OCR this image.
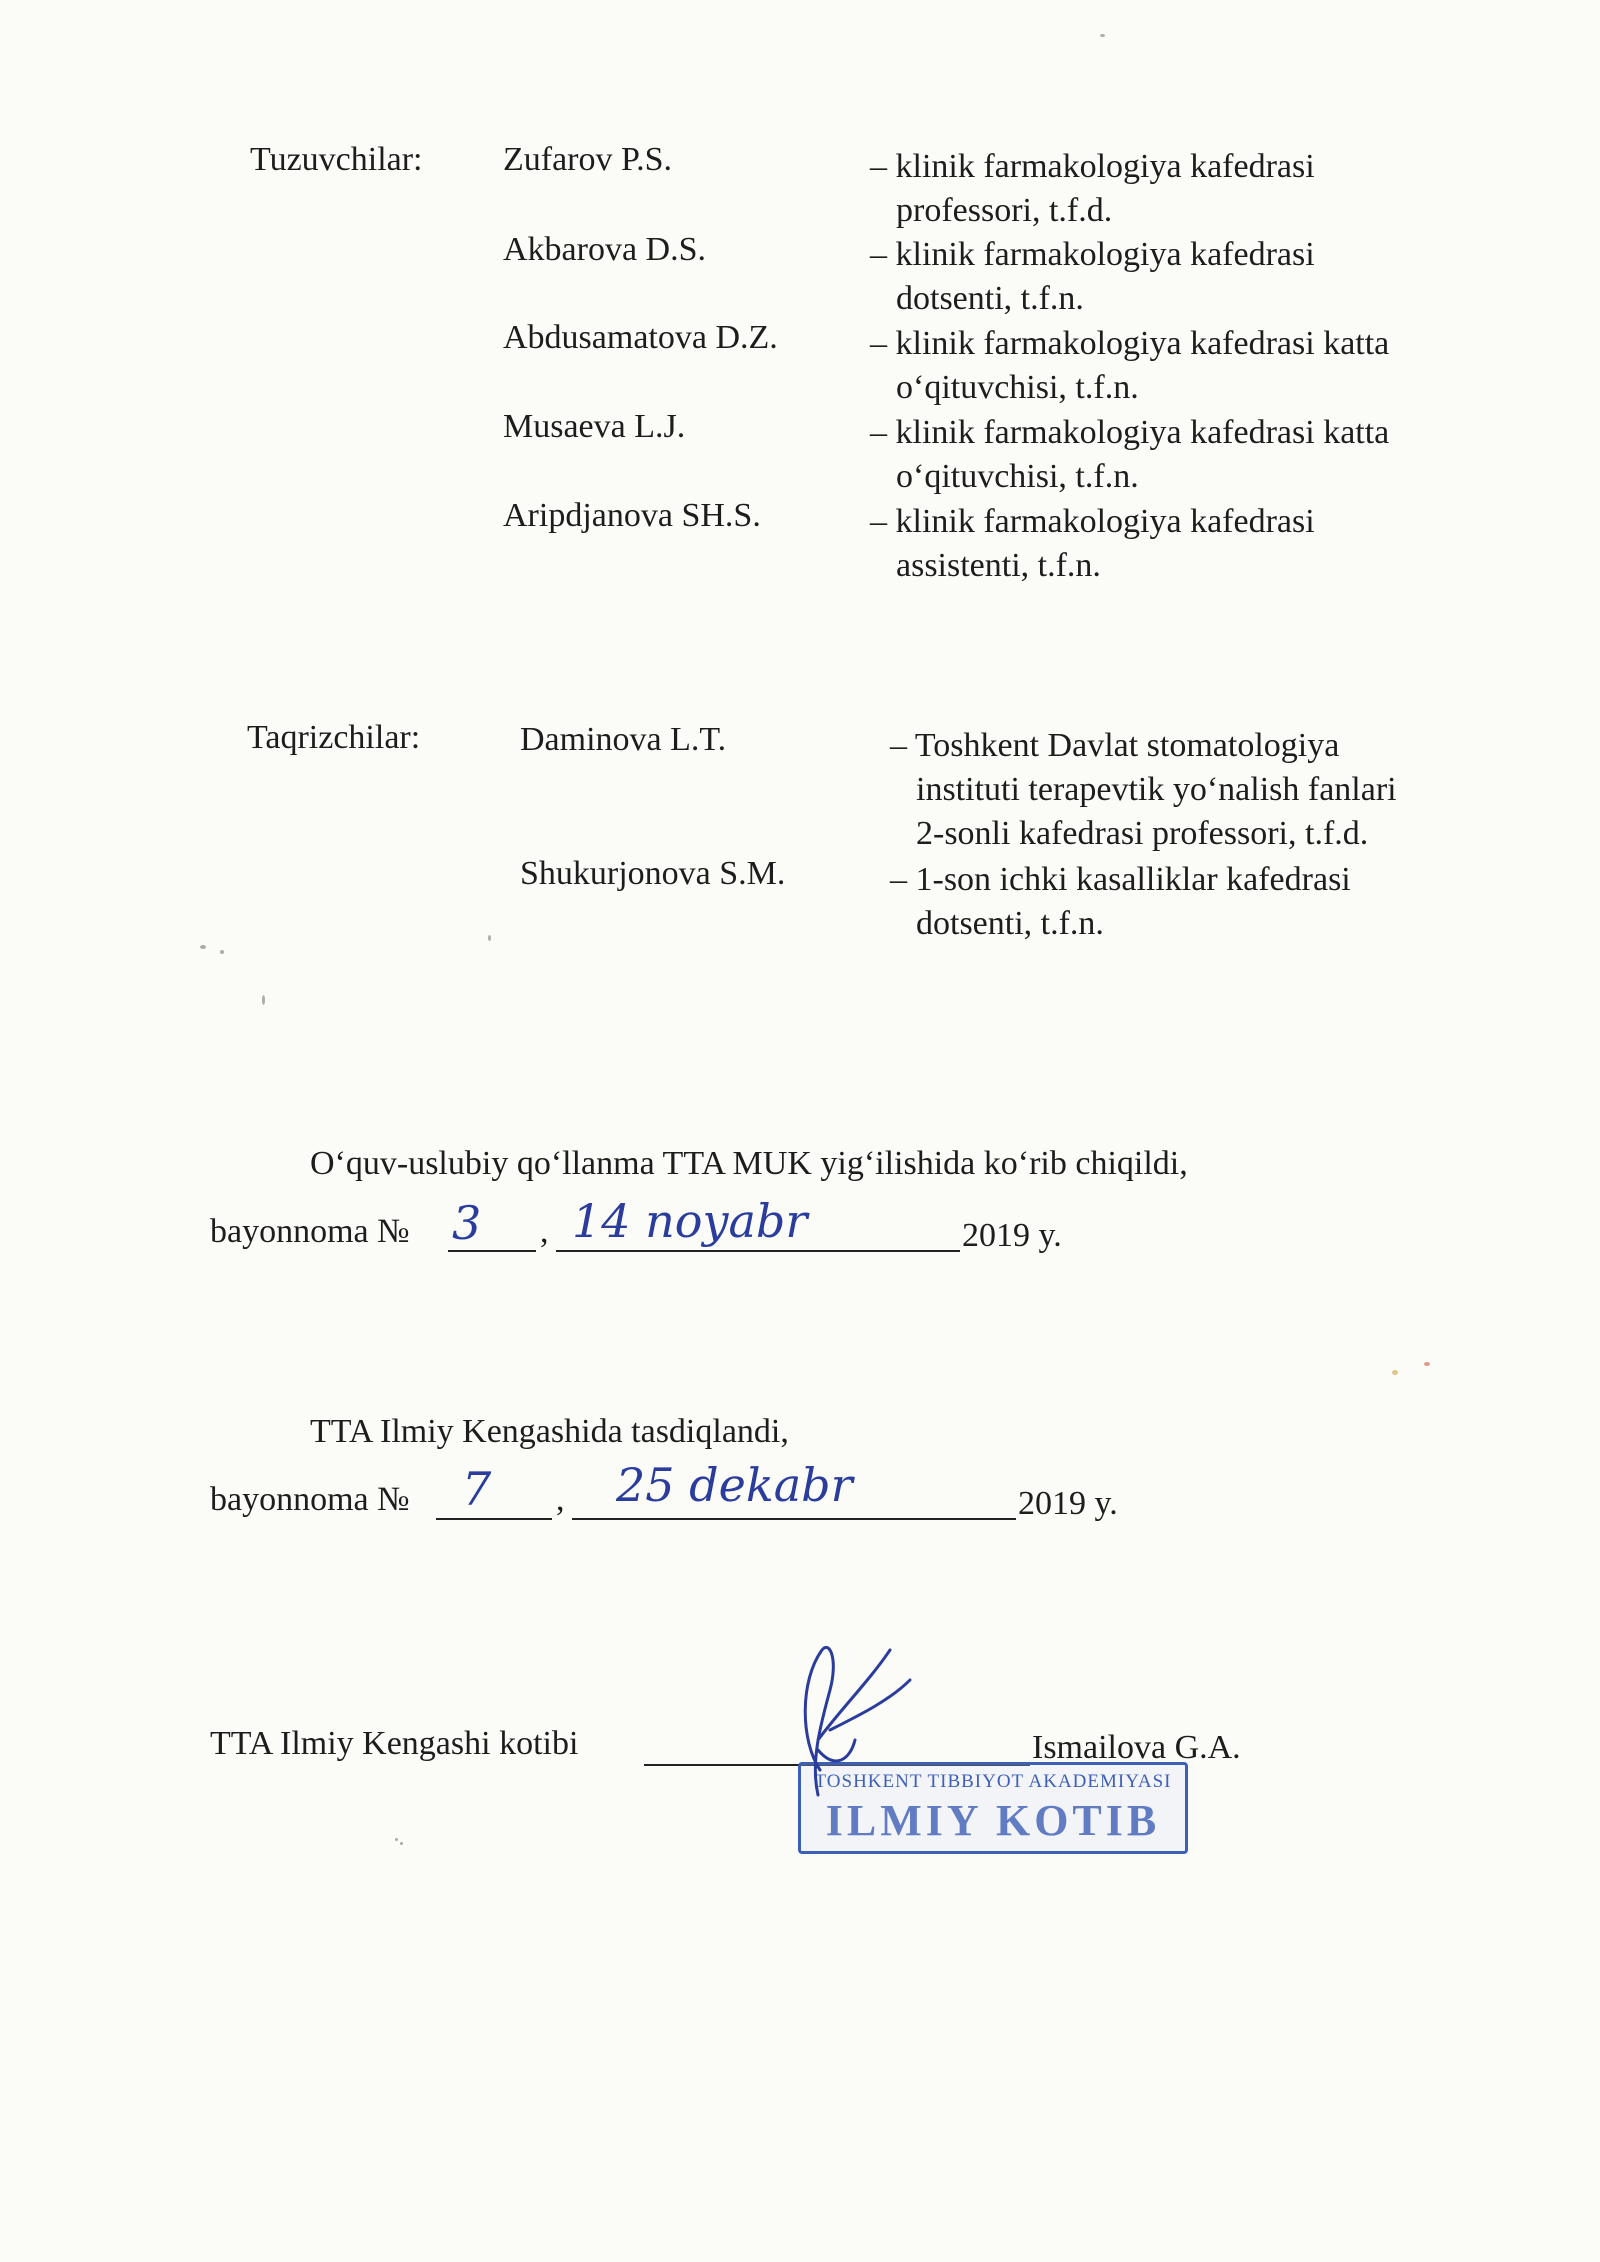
Tuzuvchilar: Zufarov P.S.	– klinik farmakologiya kafedrasi
professori, t.f.d.
Akbarova D.S.	– klinik farmakologiya kafedrasi
dotsenti, t.f.n.
Abdusamatova D.Z.	– klinik farmakologiya kafedrasi katta
o‘qituvchisi, t.f.n.
Musaeva L.J.	– klinik farmakologiya kafedrasi katta
o‘qituvchisi, t.f.n.
Aripdjanova SH.S.	– klinik farmakologiya kafedrasi
assistenti, t.f.n.
Taqrizchilar:	Daminova L.T.	– Toshkent Davlat stomatologiya
instituti terapevtik yo‘nalish fanlari
2-sonli kafedrasi professori, t.f.d.
Shukurjonova S.M.	– 1-son ichki kasalliklar kafedrasi
dotsenti, t.f.n.
O‘quv-uslubiy qo‘llanma TTA MUK yig‘ilishida ko‘rib chiqildi,
bayonnoma № 3 , 14 noyabr	2019 y.
TTA Ilmiy Kengashida tasdiqlandi,
bayonnoma № 7 , 25 dekabr	2019 y.
TTA Ilmiy Kengashi kotibi
TOSHKENT TIBBIYOT AKADEMIYASI
ILMIY KOTIB
Ismailova G.A.
